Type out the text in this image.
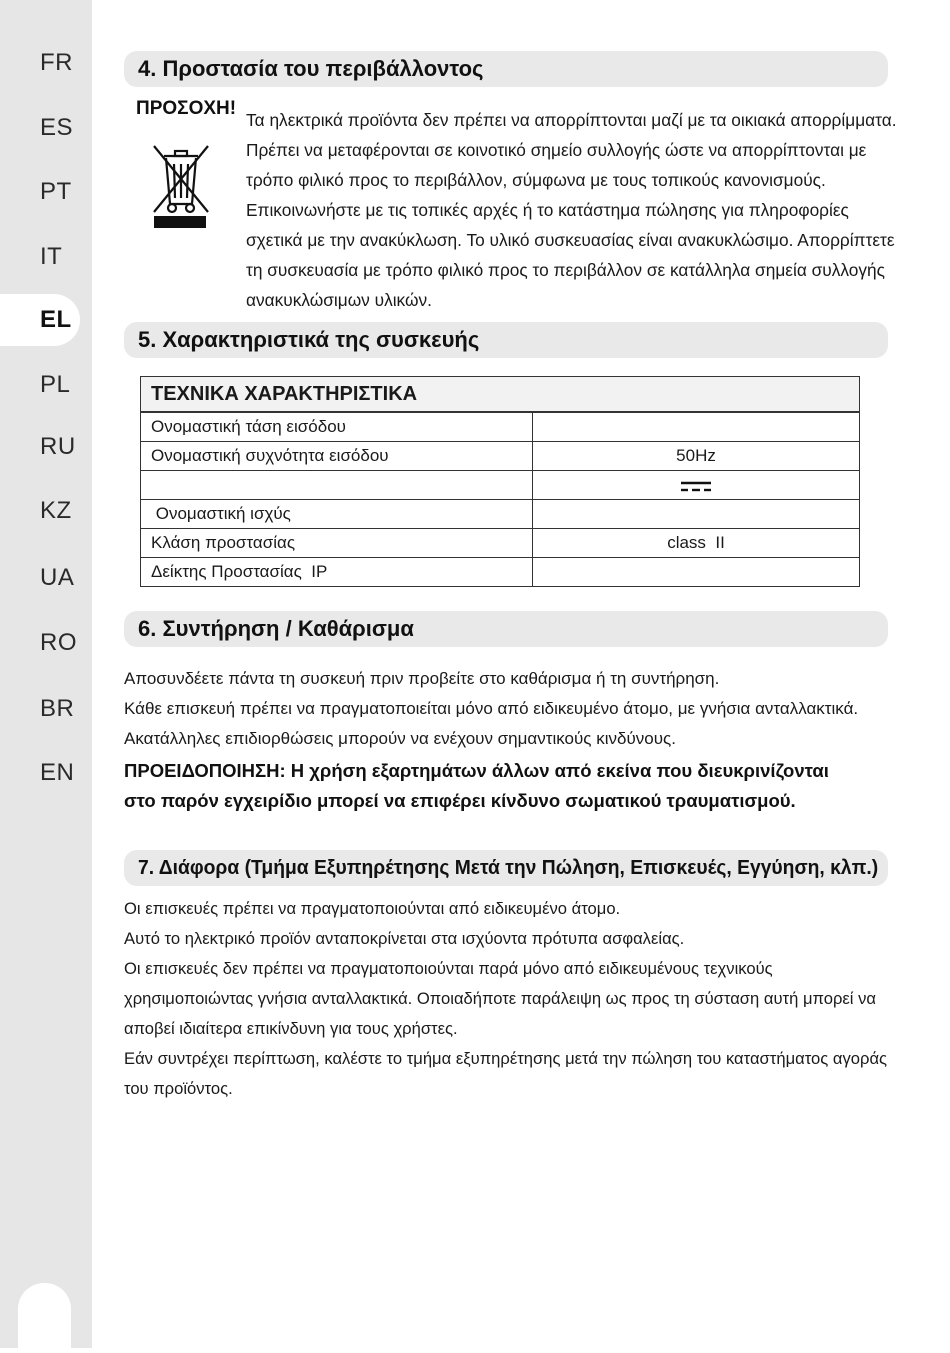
FR
ES
PT
IT
EL
PL
RU
KZ
UA
RO
BR
EN
4. Προστασία του περιβάλλοντος
ΠΡΟΣΟΧΗ!

Τα ηλεκτρικά προϊόντα δεν πρέπει να απορρίπτονται μαζί με τα οικιακά απορρίμματα.

Πρέπει να μεταφέρονται σε κοινοτικό σημείο συλλογής ώστε να απορρίπτονται με

τρόπο φιλικό προς το περιβάλλον, σύμφωνα με τους τοπικούς κανονισμούς.

Επικοινωνήστε με τις τοπικές αρχές ή το κατάστημα πώλησης για πληροφορίες

σχετικά με την ανακύκλωση. Το υλικό συσκευασίας είναι ανακυκλώσιμο. Απορρίπτετε

τη συσκευασία με τρόπο φιλικό προς το περιβάλλον σε κατάλληλα σημεία συλλογής

ανακυκλώσιμων υλικών.

5. Χαρακτηριστικά της συσκευής
ΤΕΧΝΙΚΑ ΧΑΡΑΚΤΗΡΙΣΤΙΚΑ	
Ονομαστική τάση εισόδου	
Ονομαστική συχνότητα εισόδου	50Hz

Ονομαστική ισχύς	
Κλάση προστασίας	class  II
Δείκτης Προστασίας  IP	
6. Συντήρηση / Καθάρισμα

Αποσυνδέετε πάντα τη συσκευή πριν προβείτε στο καθάρισμα ή τη συντήρηση.

Κάθε επισκευή πρέπει να πραγματοποιείται μόνο από ειδικευμένο άτομο, με γνήσια ανταλλακτικά.

Ακατάλληλες επιδιορθώσεις μπορούν να ενέχουν σημαντικούς κινδύνους.

ΠΡΟΕΙΔΟΠΟΙΗΣΗ: Η χρήση εξαρτημάτων άλλων από εκείνα που διευκρινίζονται

στο παρόν εγχειρίδιο μπορεί να επιφέρει κίνδυνο σωματικού τραυματισμού.

7. Διάφορα (Τμήμα Εξυπηρέτησης Μετά την Πώληση, Επισκευές, Εγγύηση, κλπ.)

Οι επισκευές πρέπει να πραγματοποιούνται από ειδικευμένο άτομο.

Αυτό το ηλεκτρικό προϊόν ανταποκρίνεται στα ισχύοντα πρότυπα ασφαλείας.

Οι επισκευές δεν πρέπει να πραγματοποιούνται παρά μόνο από ειδικευμένους τεχνικούς

χρησιμοποιώντας γνήσια ανταλλακτικά. Οποιαδήποτε παράλειψη ως προς τη σύσταση αυτή μπορεί να

αποβεί ιδιαίτερα επικίνδυνη για τους χρήστες.

Εάν συντρέχει περίπτωση, καλέστε το τμήμα εξυπηρέτησης μετά την πώληση του καταστήματος αγοράς

του προϊόντος.
